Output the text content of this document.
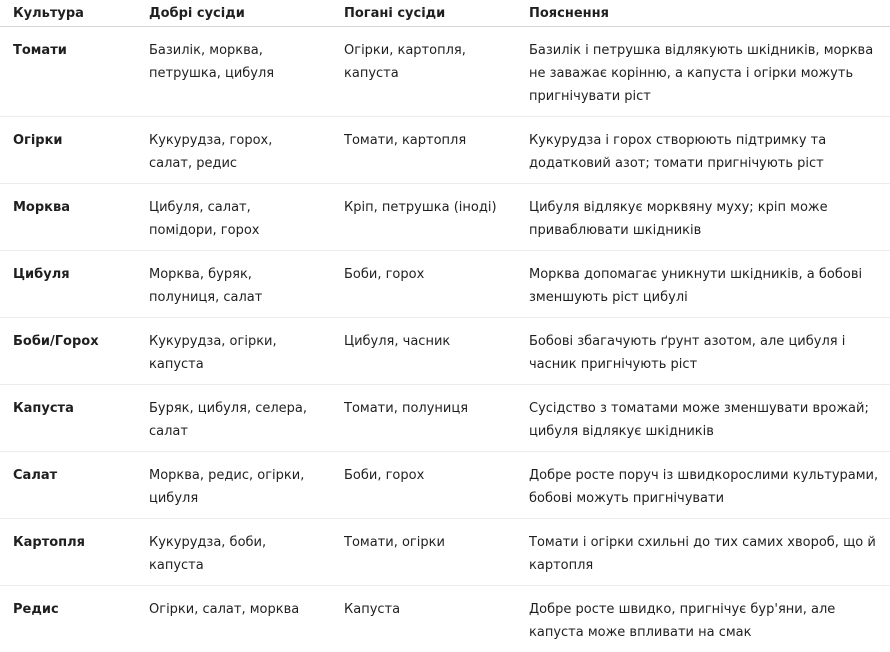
Культура	Добрі сусіди	Погані сусіди	Пояснення
Томати	Базилік, морква, петрушка, цибуля	Огірки, картопля, капуста	Базилік і петрушка відлякують шкідників, морква не заважає корінню, а капуста і огірки можуть пригнічувати ріст
Огірки	Кукурудза, горох, салат, редис	Томати, картопля	Кукурудза і горох створюють підтримку та додатковий азот; томати пригнічують ріст
Морква	Цибуля, салат, помідори, горох	Кріп, петрушка (іноді)	Цибуля відлякує морквяну муху; кріп може приваблювати шкідників
Цибуля	Морква, буряк, полуниця, салат	Боби, горох	Морква допомагає уникнути шкідників, а бобові зменшують ріст цибулі
Боби/Горох	Кукурудза, огірки, капуста	Цибуля, часник	Бобові збагачують ґрунт азотом, але цибуля і часник пригнічують ріст
Капуста	Буряк, цибуля, селера, салат	Томати, полуниця	Сусідство з томатами може зменшувати врожай; цибуля відлякує шкідників
Салат	Морква, редис, огірки, цибуля	Боби, горох	Добре росте поруч із швидкорослими культурами, бобові можуть пригнічувати
Картопля	Кукурудза, боби, капуста	Томати, огірки	Томати і огірки схильні до тих самих хвороб, що й картопля
Редис	Огірки, салат, морква	Капуста	Добре росте швидко, пригнічує бур'яни, але капуста може впливати на смак
